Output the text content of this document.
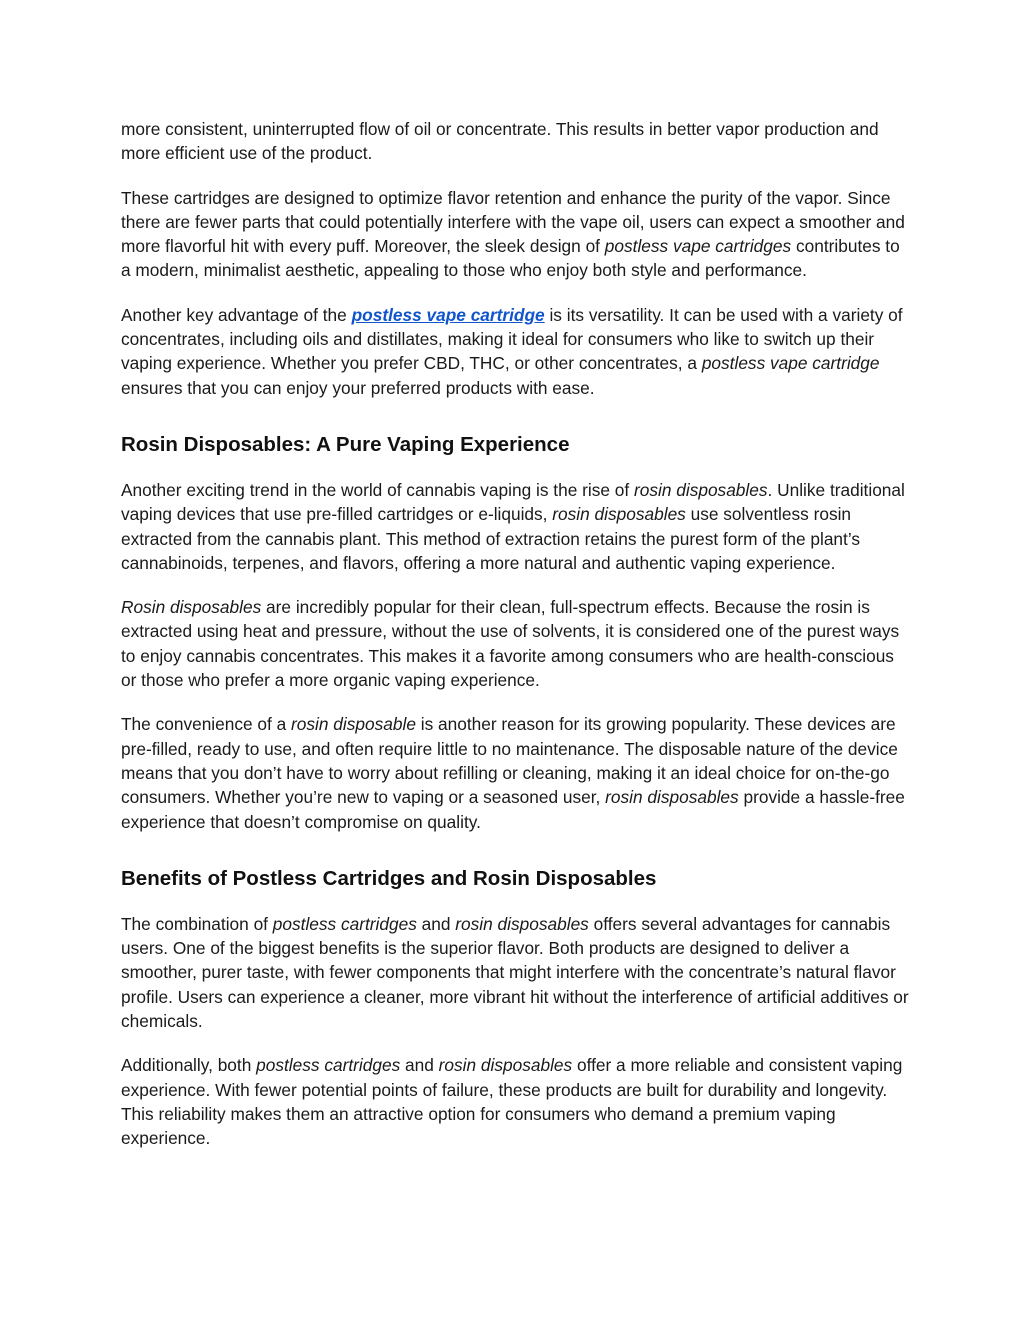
more consistent, uninterrupted flow of oil or concentrate. This results in better vapor production and more efficient use of the product.

These cartridges are designed to optimize flavor retention and enhance the purity of the vapor. Since there are fewer parts that could potentially interfere with the vape oil, users can expect a smoother and more flavorful hit with every puff. Moreover, the sleek design of postless vape cartridges contributes to a modern, minimalist aesthetic, appealing to those who enjoy both style and performance.

Another key advantage of the postless vape cartridge is its versatility. It can be used with a variety of concentrates, including oils and distillates, making it ideal for consumers who like to switch up their vaping experience. Whether you prefer CBD, THC, or other concentrates, a postless vape cartridge ensures that you can enjoy your preferred products with ease.

Rosin Disposables: A Pure Vaping Experience

Another exciting trend in the world of cannabis vaping is the rise of rosin disposables. Unlike traditional vaping devices that use pre-filled cartridges or e-liquids, rosin disposables use solventless rosin extracted from the cannabis plant. This method of extraction retains the purest form of the plant’s cannabinoids, terpenes, and flavors, offering a more natural and authentic vaping experience.

Rosin disposables are incredibly popular for their clean, full-spectrum effects. Because the rosin is extracted using heat and pressure, without the use of solvents, it is considered one of the purest ways to enjoy cannabis concentrates. This makes it a favorite among consumers who are health-conscious or those who prefer a more organic vaping experience.

The convenience of a rosin disposable is another reason for its growing popularity. These devices are pre-filled, ready to use, and often require little to no maintenance. The disposable nature of the device means that you don’t have to worry about refilling or cleaning, making it an ideal choice for on-the-go consumers. Whether you’re new to vaping or a seasoned user, rosin disposables provide a hassle-free experience that doesn’t compromise on quality.

Benefits of Postless Cartridges and Rosin Disposables

The combination of postless cartridges and rosin disposables offers several advantages for cannabis users. One of the biggest benefits is the superior flavor. Both products are designed to deliver a smoother, purer taste, with fewer components that might interfere with the concentrate’s natural flavor profile. Users can experience a cleaner, more vibrant hit without the interference of artificial additives or chemicals.

Additionally, both postless cartridges and rosin disposables offer a more reliable and consistent vaping experience. With fewer potential points of failure, these products are built for durability and longevity. This reliability makes them an attractive option for consumers who demand a premium vaping experience.
